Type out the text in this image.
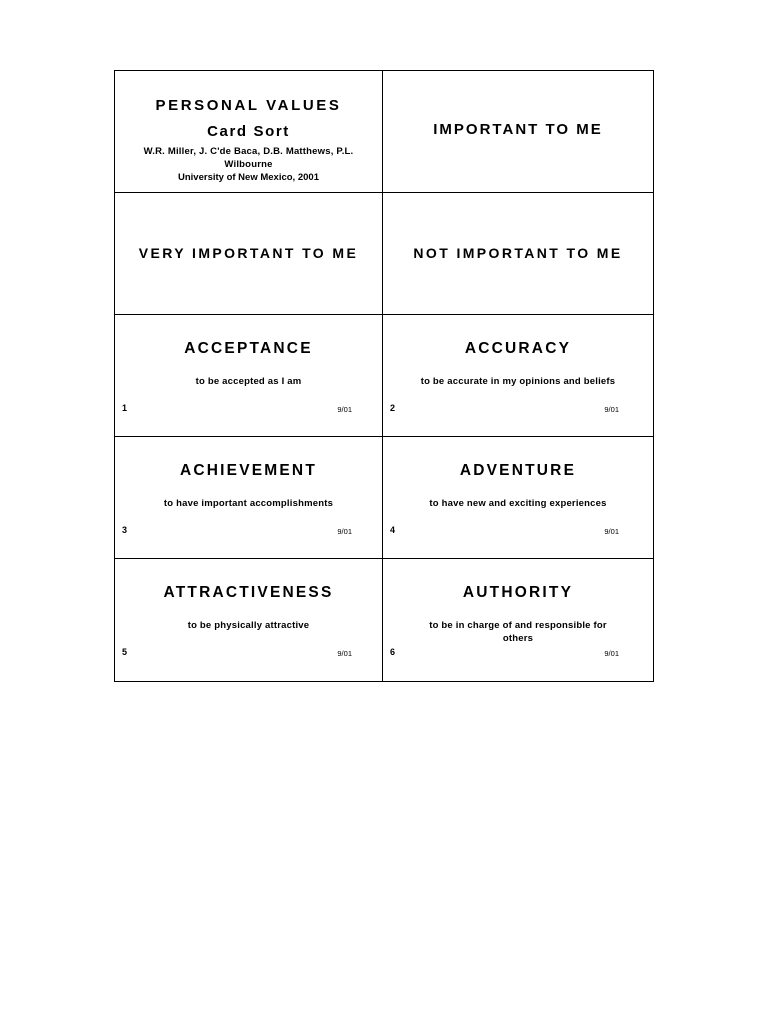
PERSONAL VALUES
Card Sort
W.R. Miller, J. C'de Baca, D.B. Matthews, P.L. Wilbourne
University of New Mexico, 2001
IMPORTANT TO ME
VERY IMPORTANT TO ME	NOT IMPORTANT TO ME
ACCEPTANCE
to be accepted as I am
1	9/01
ACCURACY
to be accurate in my opinions and beliefs
2	9/01
ACHIEVEMENT
to have important accomplishments
3	9/01
ADVENTURE
to have new and exciting experiences
4	9/01
ATTRACTIVENESS
to be physically attractive
5	9/01
AUTHORITY
to be in charge of and responsible for others
6	9/01
